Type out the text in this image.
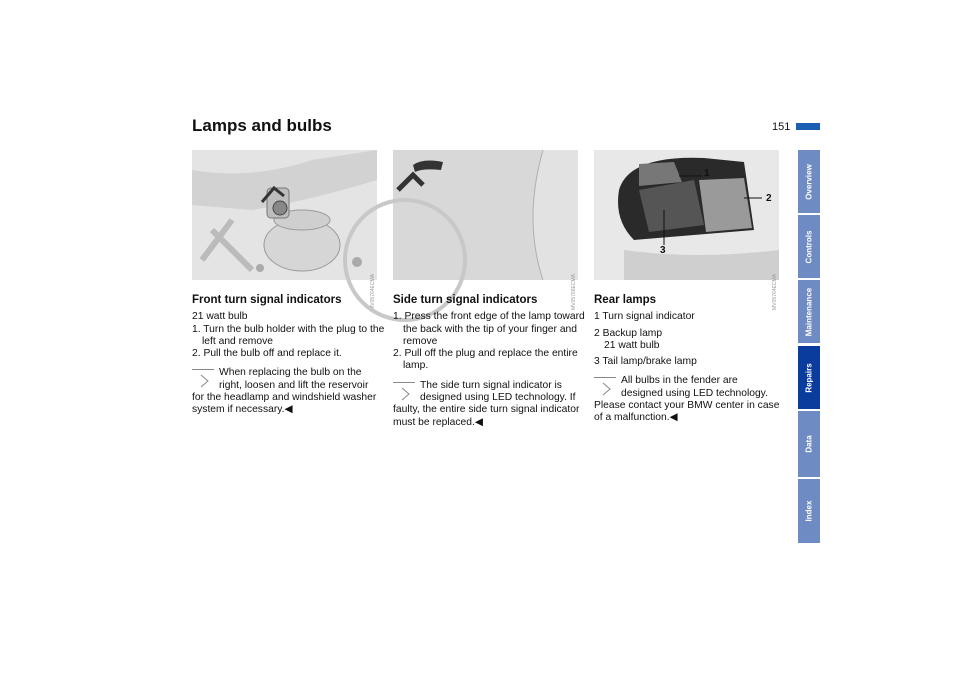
Lamps and bulbs	151
Overview
Controls
Maintenance
Repairs
Data
Index
MV05764ECMA	MV05766ECMA
1
2
3
MV05764ECMA
Front turn signal indicators

21 watt bulb

1. Turn the bulb holder with the plug to the left and remove

2. Pull the bulb off and replace it.

When replacing the bulb on the

right, loosen and lift the reservoir

for the headlamp and windshield washer system if necessary.◀

Side turn signal indicators

1. Press the front edge of the lamp toward the back with the tip of your finger and remove

2. Pull off the plug and replace the entire lamp.

The side turn signal indicator is

designed using LED technology. If

faulty, the entire side turn signal indicator must be replaced.◀

Rear lamps

1 Turn signal indicator

2 Backup lamp

21 watt bulb

3 Tail lamp/brake lamp

All bulbs in the fender are

designed using LED technology.

Please contact your BMW center in case of a malfunction.◀
